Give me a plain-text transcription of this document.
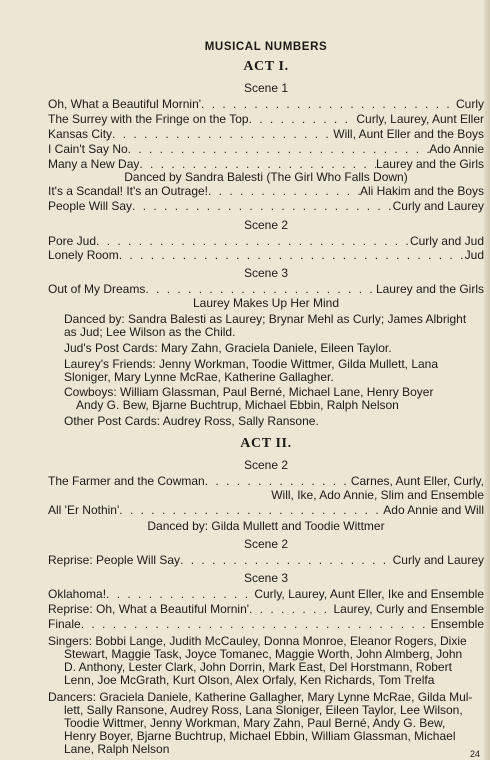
MUSICAL NUMBERS
ACT I.
Scene 1
Oh, What a Beautiful Mornin' . . .	Curly
The Surrey with the Fringe on the Top . . .	Curly, Laurey, Aunt Eller
Kansas City . . .	Will, Aunt Eller and the Boys
I Cain't Say No . . .	Ado Annie
Many a New Day . . .	Laurey and the Girls
Danced by Sandra Balesti (The Girl Who Falls Down)
It's a Scandal! It's an Outrage! . . .	Ali Hakim and the Boys
People Will Say . . .	Curly and Laurey
Scene 2
Pore Jud . . .	Curly and Jud
Lonely Room . . .	Jud
Scene 3
Out of My Dreams . . .	Laurey and the Girls
Laurey Makes Up Her Mind
Danced by: Sandra Balesti as Laurey; Brynar Mehl as Curly; James Albright
as Jud; Lee Wilson as the Child.
Jud's Post Cards: Mary Zahn, Graciela Daniele, Eileen Taylor.
Laurey's Friends: Jenny Workman, Toodie Wittmer, Gilda Mullett, Lana
Sloniger, Mary Lynne McRae, Katherine Gallagher.
Cowboys: William Glassman, Paul Berné, Michael Lane, Henry Boyer
Andy G. Bew, Bjarne Buchtrup, Michael Ebbin, Ralph Nelson
Other Post Cards: Audrey Ross, Sally Ransone.
ACT II.
Scene 2
The Farmer and the Cowman . . .	Carnes, Aunt Eller, Curly,
Will, Ike, Ado Annie, Slim and Ensemble
All 'Er Nothin' . . .	Ado Annie and Will
Danced by: Gilda Mullett and Toodie Wittmer
Scene 2
Reprise: People Will Say . . .	Curly and Laurey
Scene 3
Oklahoma! . . .	Curly, Laurey, Aunt Eller, Ike and Ensemble
Reprise: Oh, What a Beautiful Mornin' . . .	Laurey, Curly and Ensemble
Finale . . .	Ensemble
Singers: Bobbi Lange, Judith McCauley, Donna Monroe, Eleanor Rogers, Dixie
Stewart, Maggie Task, Joyce Tomanec, Maggie Worth, John Almberg, John
D. Anthony, Lester Clark, John Dorrin, Mark East, Del Horstmann, Robert
Lenn, Joe McGrath, Kurt Olson, Alex Orfaly, Ken Richards, Tom Trelfa
Dancers: Graciela Daniele, Katherine Gallagher, Mary Lynne McRae, Gilda Mul-
lett, Sally Ransone, Audrey Ross, Lana Sloniger, Eileen Taylor, Lee Wilson,
Toodie Wittmer, Jenny Workman, Mary Zahn, Paul Berné, Andy G. Bew,
Henry Boyer, Bjarne Buchtrup, Michael Ebbin, William Glassman, Michael
Lane, Ralph Nelson	24
